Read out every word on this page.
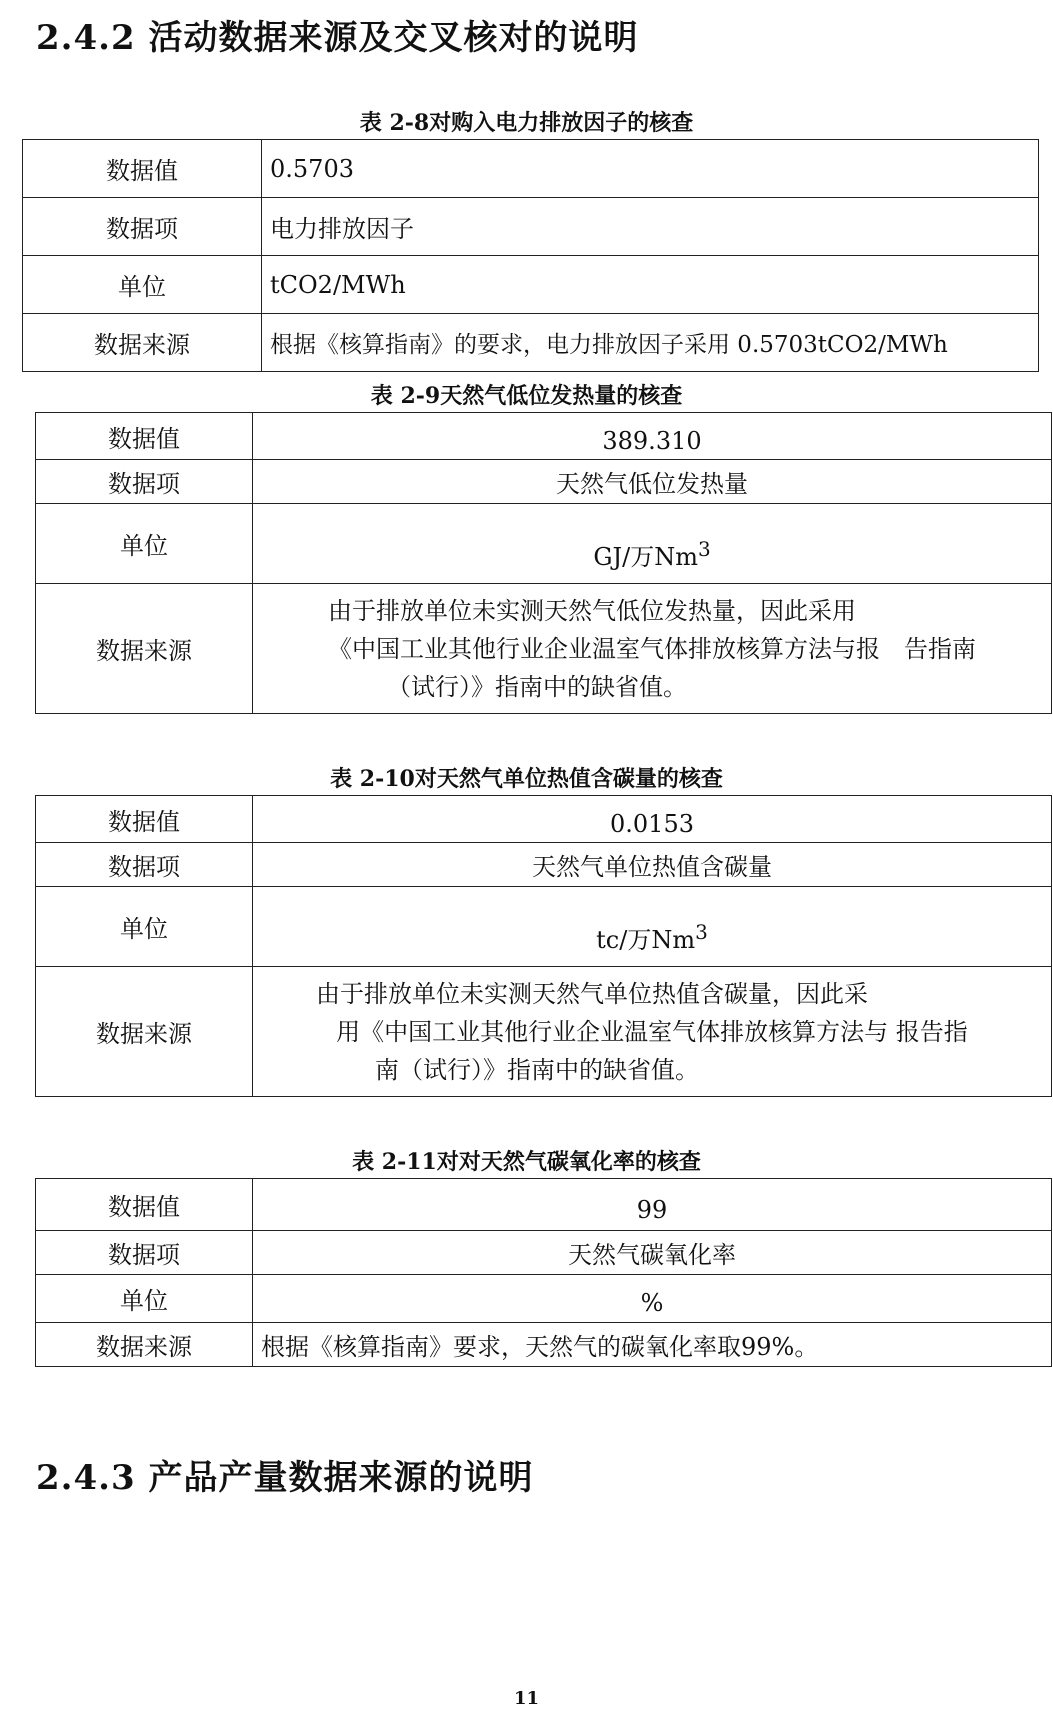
2.4.2 活动数据来源及交叉核对的说明

表 2-8对购入电力排放因子的核查

数据值	0.5703
数据项	电力排放因子
单位	tCO2/MWh
数据来源	根据《核算指南》的要求，电力排放因子采用 0.5703tCO2/MWh

表 2-9天然气低位发热量的核查

数据值	389.310
数据项	天然气低位发热量
单位	GJ/万Nm$^3$
数据来源	由于排放单位未实测天然气低位发热量，因此采用
《中国工业其他行业企业温室气体排放核算方法与报　告指南
（试行）》指南中的缺省值。

表 2-10对天然气单位热值含碳量的核查

数据值	0.0153
数据项	天然气单位热值含碳量
单位	tc/万Nm$^3$
数据来源	由于排放单位未实测天然气单位热值含碳量，因此采
用《中国工业其他行业企业温室气体排放核算方法与 报告指
南（试行）》指南中的缺省值。

表 2-11对对天然气碳氧化率的核查

数据值	99
数据项	天然气碳氧化率
单位	%
数据来源	根据《核算指南》要求，天然气的碳氧化率取99%。
2.4.3 产品产量数据来源的说明
11
